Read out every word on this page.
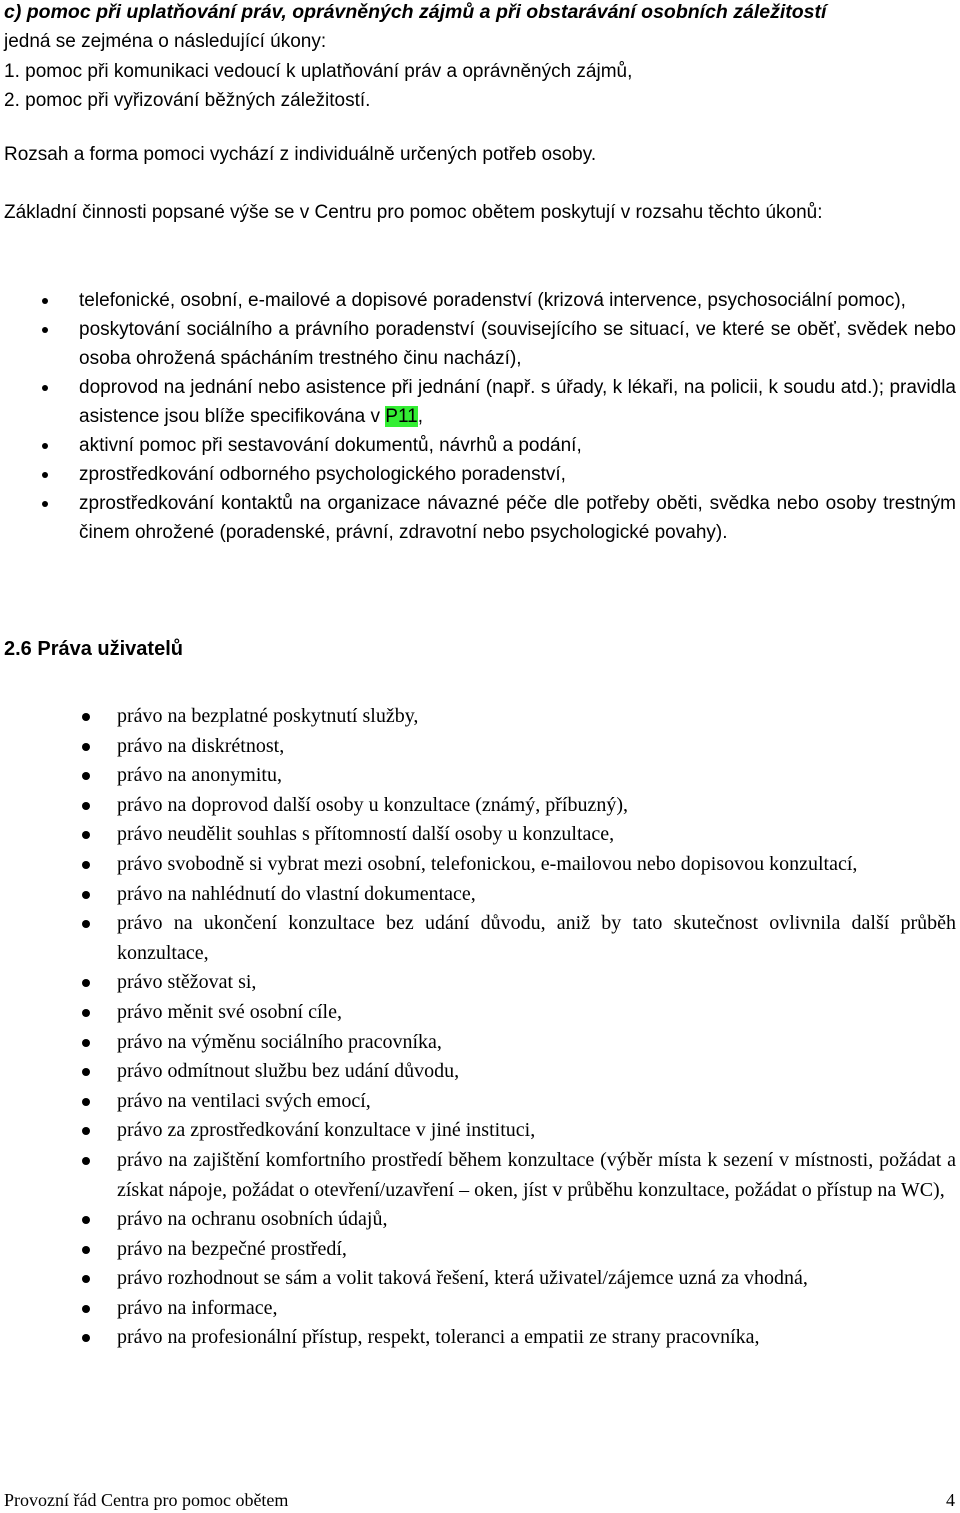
c) pomoc při uplatňování práv, oprávněných zájmů a při obstarávání osobních záležitostí

jedná se zejména o následující úkony:
1. pomoc při komunikaci vedoucí k uplatňování práv a oprávněných zájmů,
2. pomoc při vyřizování běžných záležitostí.
Rozsah a forma pomoci vychází z individuálně určených potřeb osoby.
Základní činnosti popsané výše se v Centru pro pomoc obětem poskytují v rozsahu těchto úkonů:
telefonické, osobní, e-mailové a dopisové poradenství (krizová intervence, psychosociální pomoc),
poskytování sociálního a právního poradenství (souvisejícího se situací, ve které se oběť, svědek nebo osoba ohrožená spácháním trestného činu nachází),
doprovod na jednání nebo asistence při jednání (např. s úřady, k lékaři, na policii, k soudu atd.); pravidla asistence jsou blíže specifikována v P11,
aktivní pomoc při sestavování dokumentů, návrhů a podání,
zprostředkování odborného psychologického poradenství,
zprostředkování kontaktů na organizace návazné péče dle potřeby oběti, svědka nebo osoby trestným činem ohrožené (poradenské, právní, zdravotní nebo psychologické povahy).
2.6 Práva uživatelů
právo na bezplatné poskytnutí služby,
právo na diskrétnost,
právo na anonymitu,
právo na doprovod další osoby u konzultace (známý, příbuzný),
právo neudělit souhlas s přítomností další osoby u konzultace,
právo svobodně si vybrat mezi osobní, telefonickou, e-mailovou nebo dopisovou konzultací,
právo na nahlédnutí do vlastní dokumentace,
právo na ukončení konzultace bez udání důvodu, aniž by tato skutečnost ovlivnila další průběh konzultace,
právo stěžovat si,
právo měnit své osobní cíle,
právo na výměnu sociálního pracovníka,
právo odmítnout službu bez udání důvodu,
právo na ventilaci svých emocí,
právo za zprostředkování konzultace v jiné instituci,
právo na zajištění komfortního prostředí během konzultace (výběr místa k sezení v místnosti, požádat a získat nápoje, požádat o otevření/uzavření – oken, jíst v průběhu konzultace, požádat o přístup na WC),
právo na ochranu osobních údajů,
právo na bezpečné prostředí,
právo rozhodnout se sám a volit taková řešení, která uživatel/zájemce uzná za vhodná,
právo na informace,
právo na profesionální přístup, respekt, toleranci a empatii ze strany pracovníka,
Provozní řád Centra pro pomoc obětem	4
